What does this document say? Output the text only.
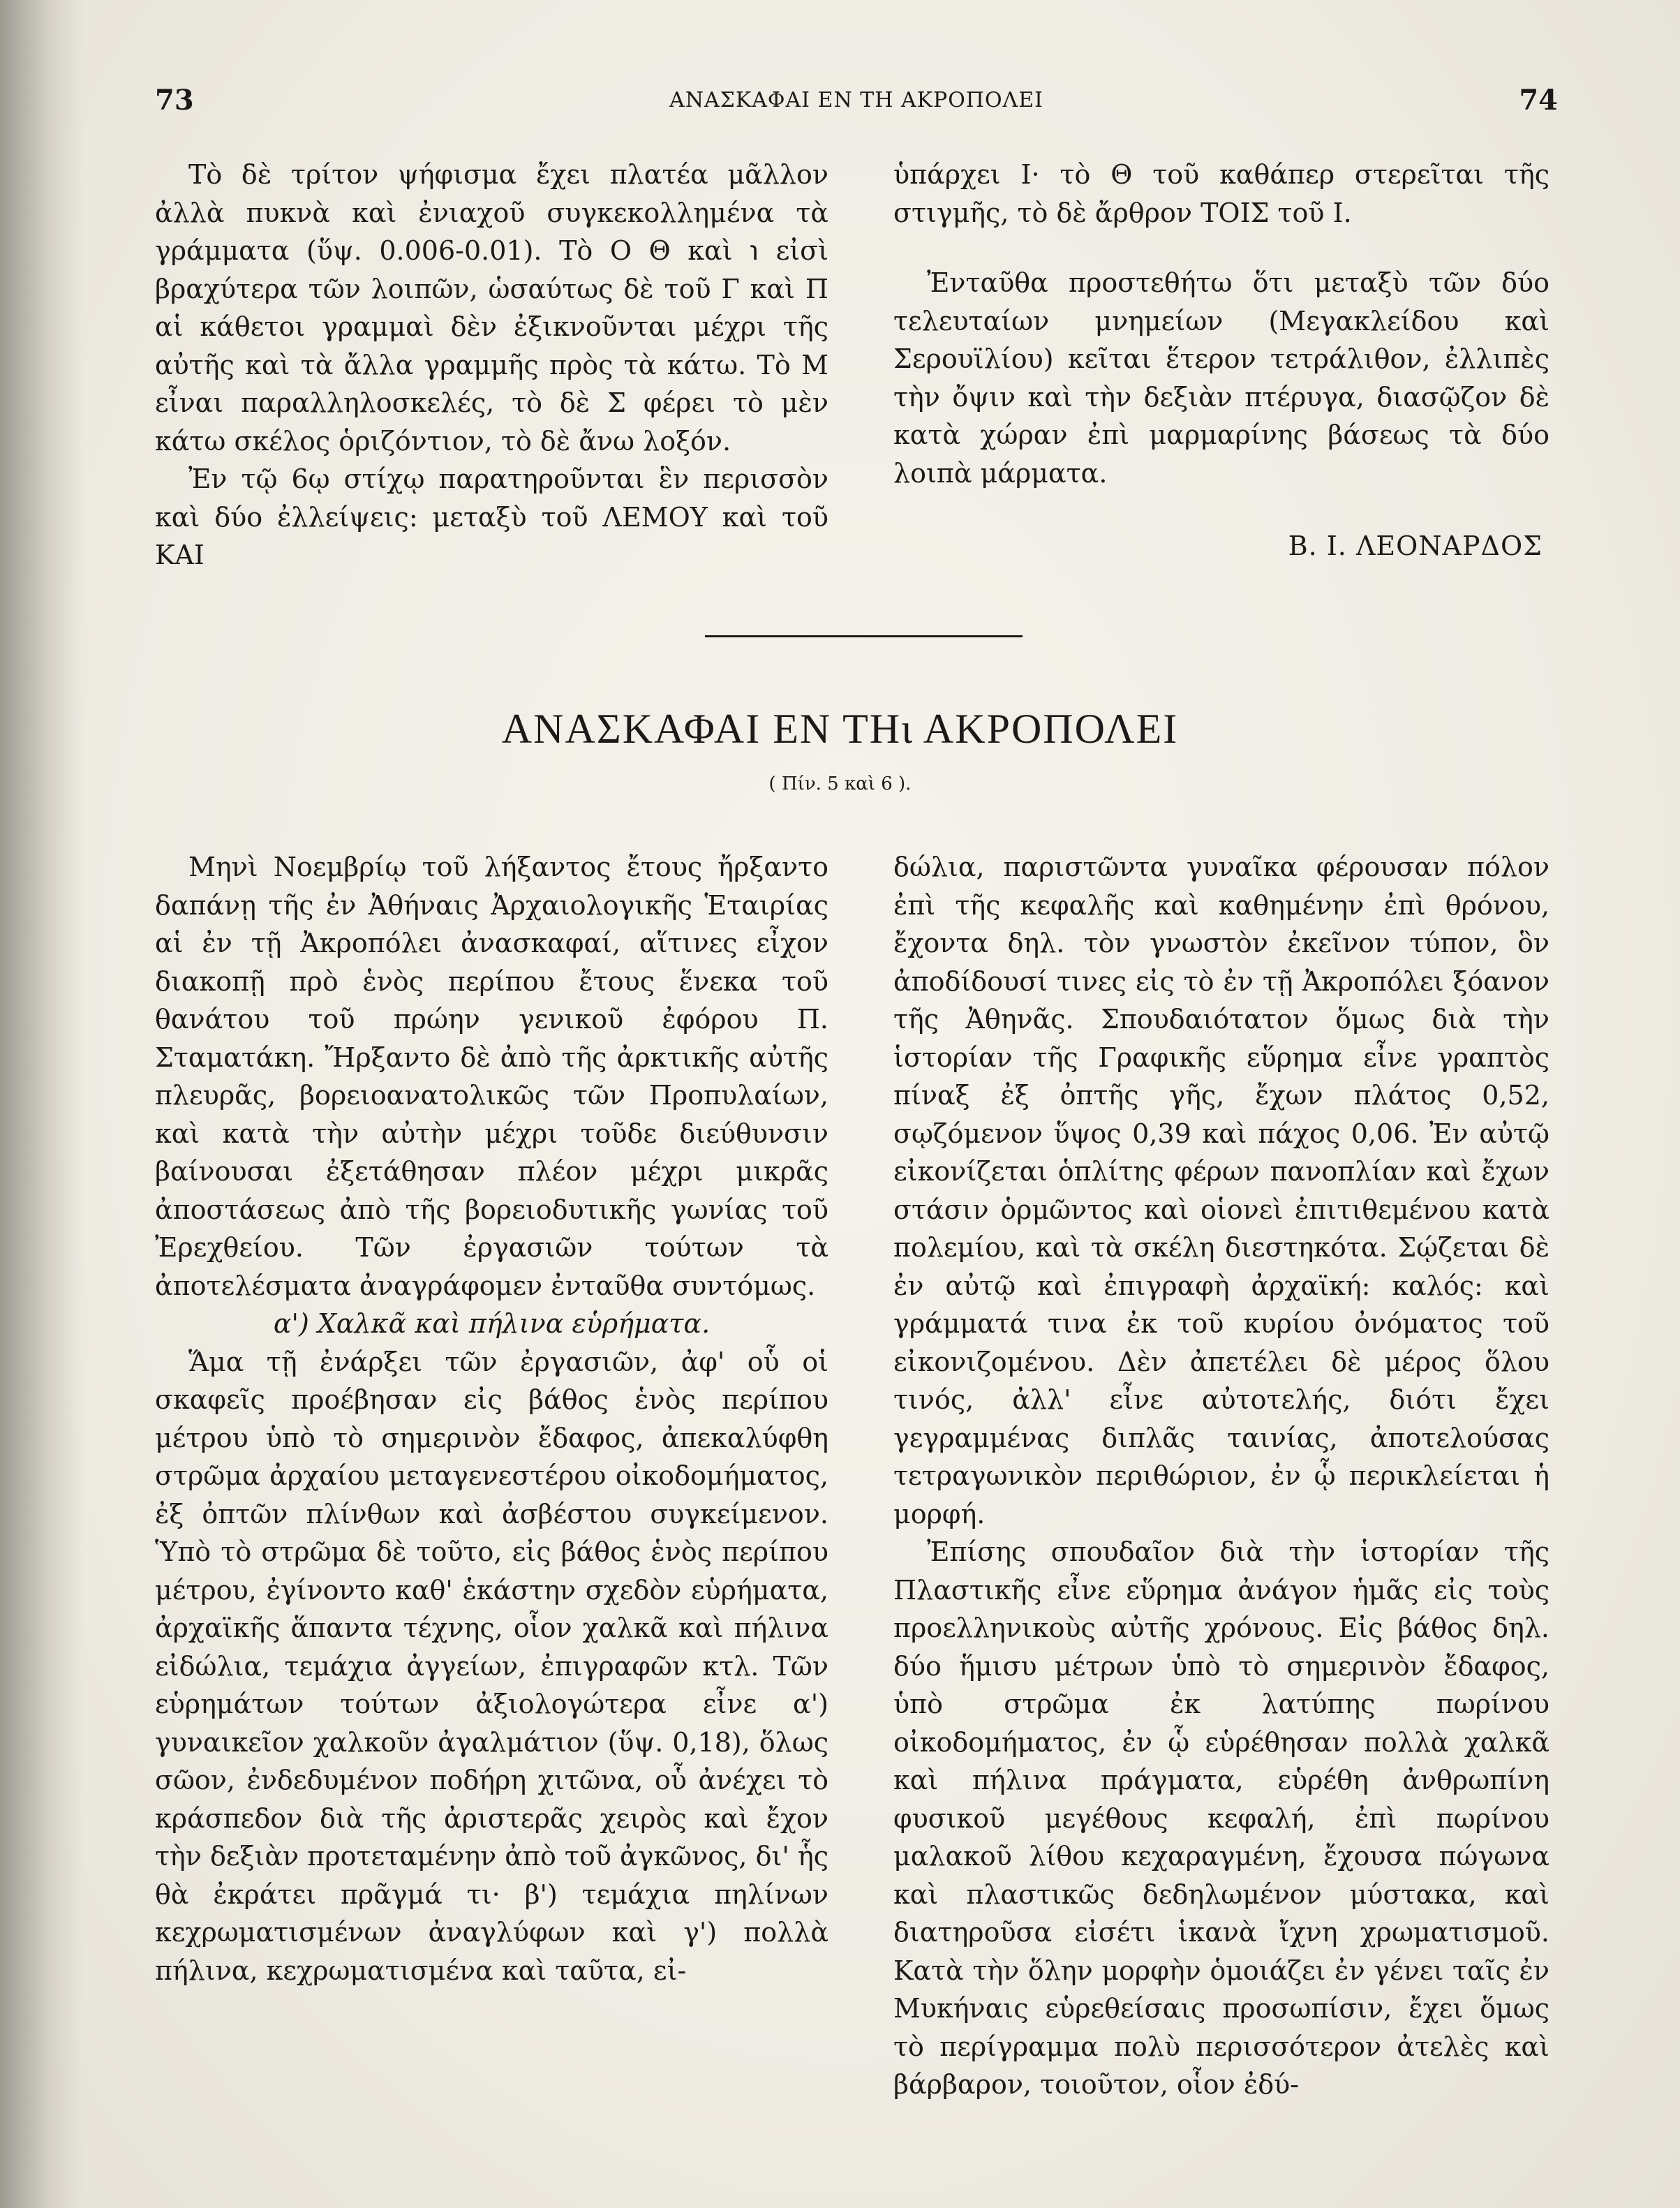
73	ΑΝΑΣΚΑΦΑΙ ΕΝ ΤΗ ΑΚΡΟΠΟΛΕΙ	74

Τὸ δὲ τρίτον ψήφισμα ἔχει πλατέα μᾶλλον ἀλλὰ πυκνὰ καὶ ἐνιαχοῦ συγκεκολλημένα τὰ γράμματα (ὕψ. 0.006-0.01). Τὸ Ο Θ καὶ ℩ εἰσὶ βραχύτερα τῶν λοιπῶν, ὡσαύτως δὲ τοῦ Γ καὶ Π αἱ κάθετοι γραμμαὶ δὲν ἐξικνοῦνται μέχρι τῆς αὐτῆς καὶ τὰ ἄλλα γραμμῆς πρὸς τὰ κάτω. Τὸ Μ εἶναι παραλληλοσκελές, τὸ δὲ Σ φέρει τὸ μὲν κάτω σκέλος ὁριζόντιον, τὸ δὲ ἄνω λοξόν.

Ἐν τῷ 6ῳ στίχῳ παρατηροῦνται ἓν περισσὸν καὶ δύο ἐλλείψεις: μεταξὺ τοῦ ΛΕΜΟΥ καὶ τοῦ ΚΑΙ

ὑπάρχει Ι· τὸ Θ τοῦ καθάπερ στερεῖται τῆς στιγμῆς, τὸ δὲ ἄρθρον ΤΟΙΣ τοῦ Ι.

Ἐνταῦθα προστεθήτω ὅτι μεταξὺ τῶν δύο τελευταίων μνημείων (Μεγακλείδου καὶ Σερουϊλίου) κεῖται ἕτερον τετράλιθον, ἐλλιπὲς τὴν ὄψιν καὶ τὴν δεξιὰν πτέρυγα, διασῷζον δὲ κατὰ χώραν ἐπὶ μαρμαρίνης βάσεως τὰ δύο λοιπὰ μάρματα.

Β. Ι. ΛΕΟΝΑΡΔΟΣ
ΑΝΑΣΚΑΦΑΙ ΕΝ ΤΗι ΑΚΡΟΠΟΛΕΙ
( Πίν. 5 καὶ 6 ).

Μηνὶ Νοεμβρίῳ τοῦ λήξαντος ἔτους ἤρξαντο δαπάνῃ τῆς ἐν Ἀθήναις Ἀρχαιολογικῆς Ἑταιρίας αἱ ἐν τῇ Ἀκροπόλει ἀνασκαφαί, αἵτινες εἶχον διακοπῇ πρὸ ἑνὸς περίπου ἔτους ἕνεκα τοῦ θανάτου τοῦ πρώην γενικοῦ ἐφόρου Π. Σταματάκη. Ἤρξαντο δὲ ἀπὸ τῆς ἀρκτικῆς αὐτῆς πλευρᾶς, βορειοανατολικῶς τῶν Προπυλαίων, καὶ κατὰ τὴν αὐτὴν μέχρι τοῦδε διεύθυνσιν βαίνουσαι ἐξετάθησαν πλέον μέχρι μικρᾶς ἀποστάσεως ἀπὸ τῆς βορειοδυτικῆς γωνίας τοῦ Ἐρεχθείου. Τῶν ἐργασιῶν τούτων τὰ ἀποτελέσματα ἀναγράφομεν ἐνταῦθα συντόμως.

α') Χαλκᾶ καὶ πήλινα εὑρήματα.

Ἅμα τῇ ἐνάρξει τῶν ἐργασιῶν, ἀφ' οὗ οἱ σκαφεῖς προέβησαν εἰς βάθος ἑνὸς περίπου μέτρου ὑπὸ τὸ σημερινὸν ἔδαφος, ἀπεκαλύφθη στρῶμα ἀρχαίου μεταγενεστέρου οἰκοδομήματος, ἐξ ὀπτῶν πλίνθων καὶ ἀσβέστου συγκείμενον. Ὑπὸ τὸ στρῶμα δὲ τοῦτο, εἰς βάθος ἑνὸς περίπου μέτρου, ἐγίνοντο καθ' ἑκάστην σχεδὸν εὑρήματα, ἀρχαϊκῆς ἅπαντα τέχνης, οἷον χαλκᾶ καὶ πήλινα εἰδώλια, τεμάχια ἀγγείων, ἐπιγραφῶν κτλ. Τῶν εὑρημάτων τούτων ἀξιολογώτερα εἶνε α') γυναικεῖον χαλκοῦν ἀγαλμάτιον (ὕψ. 0,18), ὅλως σῶον, ἐνδεδυμένον ποδήρη χιτῶνα, οὗ ἀνέχει τὸ κράσπεδον διὰ τῆς ἀριστερᾶς χειρὸς καὶ ἔχον τὴν δεξιὰν προτεταμένην ἀπὸ τοῦ ἀγκῶνος, δι' ἧς θὰ ἐκράτει πρᾶγμά τι· β') τεμάχια πηλίνων κεχρωματισμένων ἀναγλύφων καὶ γ') πολλὰ πήλινα, κεχρωματισμένα καὶ ταῦτα, εἰ-

δώλια, παριστῶντα γυναῖκα φέρουσαν πόλον ἐπὶ τῆς κεφαλῆς καὶ καθημένην ἐπὶ θρόνου, ἔχοντα δηλ. τὸν γνωστὸν ἐκεῖνον τύπον, ὃν ἀποδίδουσί τινες εἰς τὸ ἐν τῇ Ἀκροπόλει ξόανον τῆς Ἀθηνᾶς. Σπουδαιότατον ὅμως διὰ τὴν ἱστορίαν τῆς Γραφικῆς εὕρημα εἶνε γραπτὸς πίναξ ἐξ ὀπτῆς γῆς, ἔχων πλάτος 0,52, σῳζόμενον ὕψος 0,39 καὶ πάχος 0,06. Ἐν αὐτῷ εἰκονίζεται ὁπλίτης φέρων πανοπλίαν καὶ ἔχων στάσιν ὁρμῶντος καὶ οἱονεὶ ἐπιτιθεμένου κατὰ πολεμίου, καὶ τὰ σκέλη διεστηκότα. Σῴζεται δὲ ἐν αὐτῷ καὶ ἐπιγραφὴ ἀρχαϊκή: καλός: καὶ γράμματά τινα ἐκ τοῦ κυρίου ὀνόματος τοῦ εἰκονιζομένου. Δὲν ἀπετέλει δὲ μέρος ὅλου τινός, ἀλλ' εἶνε αὐτοτελής, διότι ἔχει γεγραμμένας διπλᾶς ταινίας, ἀποτελούσας τετραγωνικὸν περιθώριον, ἐν ᾧ περικλείεται ἡ μορφή.

Ἐπίσης σπουδαῖον διὰ τὴν ἱστορίαν τῆς Πλαστικῆς εἶνε εὕρημα ἀνάγον ἡμᾶς εἰς τοὺς προελληνικοὺς αὐτῆς χρόνους. Εἰς βάθος δηλ. δύο ἥμισυ μέτρων ὑπὸ τὸ σημερινὸν ἔδαφος, ὑπὸ στρῶμα ἐκ λατύπης πωρίνου οἰκοδομήματος, ἐν ᾧ εὑρέθησαν πολλὰ χαλκᾶ καὶ πήλινα πράγματα, εὑρέθη ἀνθρωπίνη φυσικοῦ μεγέθους κεφαλή, ἐπὶ πωρίνου μαλακοῦ λίθου κεχαραγμένη, ἔχουσα πώγωνα καὶ πλαστικῶς δεδηλωμένον μύστακα, καὶ διατηροῦσα εἰσέτι ἱκανὰ ἴχνη χρωματισμοῦ. Κατὰ τὴν ὅλην μορφὴν ὁμοιάζει ἐν γένει ταῖς ἐν Μυκήναις εὑρεθείσαις προσωπίσιν, ἔχει ὅμως τὸ περίγραμμα πολὺ περισσότερον ἀτελὲς καὶ βάρβαρον, τοιοῦτον, οἷον ἐδύ-
